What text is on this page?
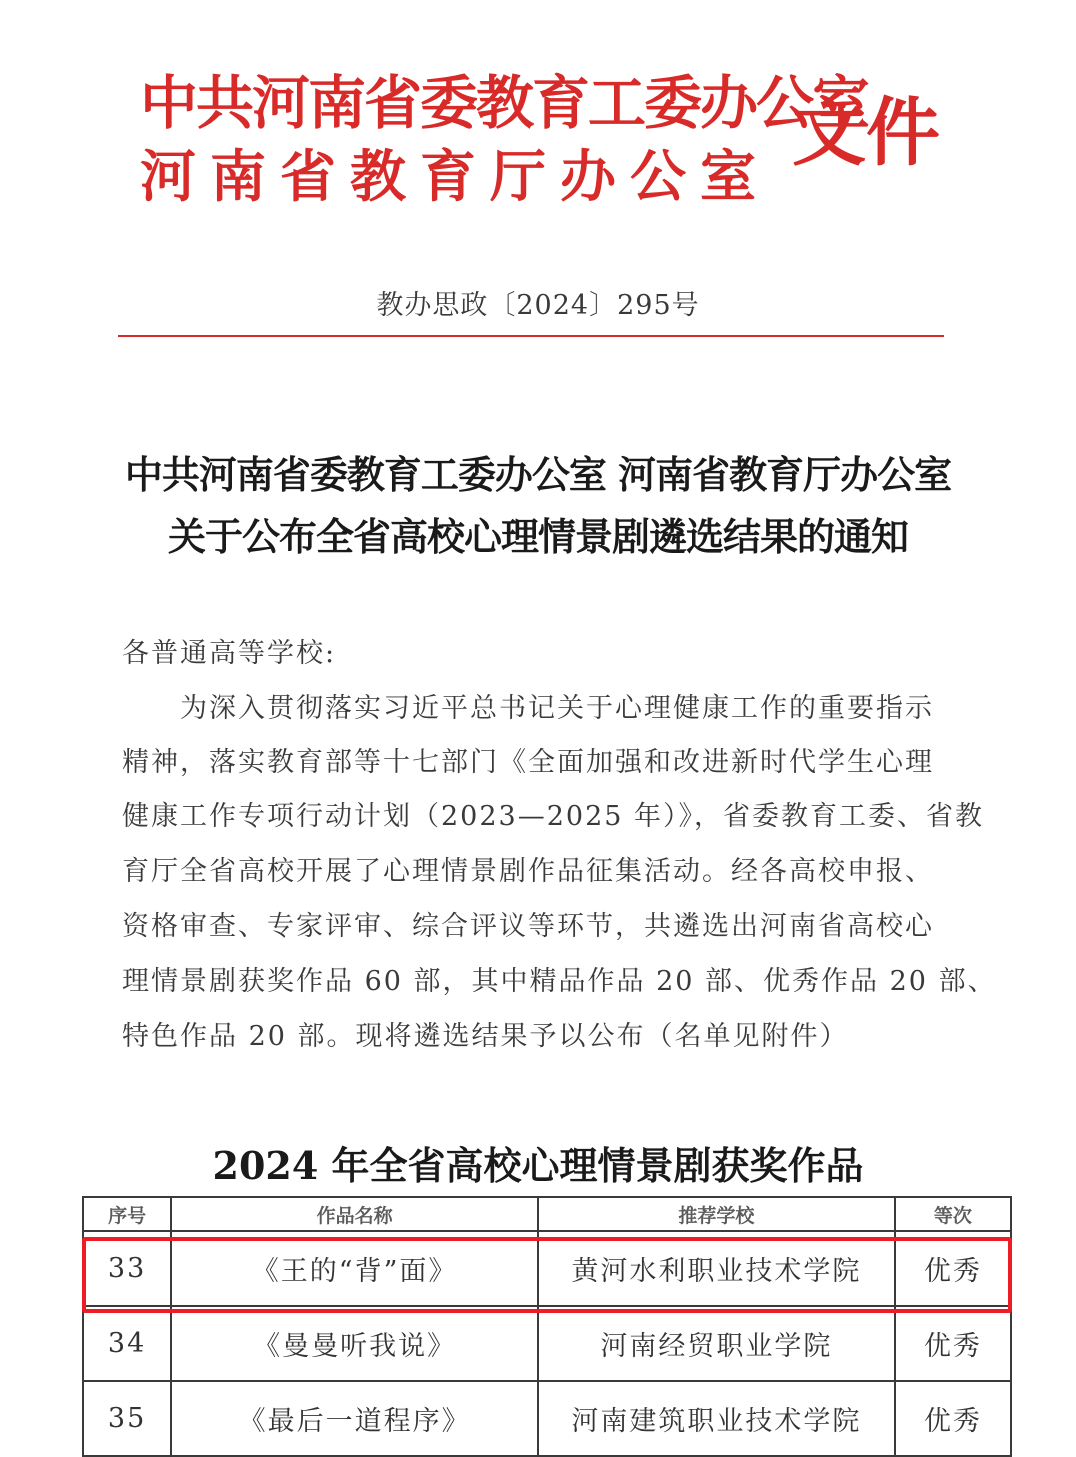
中共河南省委教育工委办公室
河南省教育厅办公室
文件
教办思政〔2024〕295号
中共河南省委教育工委办公室 河南省教育厅办公室
关于公布全省高校心理情景剧遴选结果的通知
各普通高等学校:
为深入贯彻落实习近平总书记关于心理健康工作的重要指示
精神，落实教育部等十七部门《全面加强和改进新时代学生心理
健康工作专项行动计划（2023—2025 年）》，省委教育工委、省教
育厅全省高校开展了心理情景剧作品征集活动。经各高校申报、
资格审查、专家评审、综合评议等环节，共遴选出河南省高校心
理情景剧获奖作品 60 部，其中精品作品 20 部、优秀作品 20 部、
特色作品 20 部。现将遴选结果予以公布（名单见附件）
2024 年全省高校心理情景剧获奖作品
序号	作品名称	推荐学校	等次
33	《王的“背”面》	黄河水利职业技术学院	优秀
34	《曼曼听我说》	河南经贸职业学院	优秀
35	《最后一道程序》	河南建筑职业技术学院	优秀
